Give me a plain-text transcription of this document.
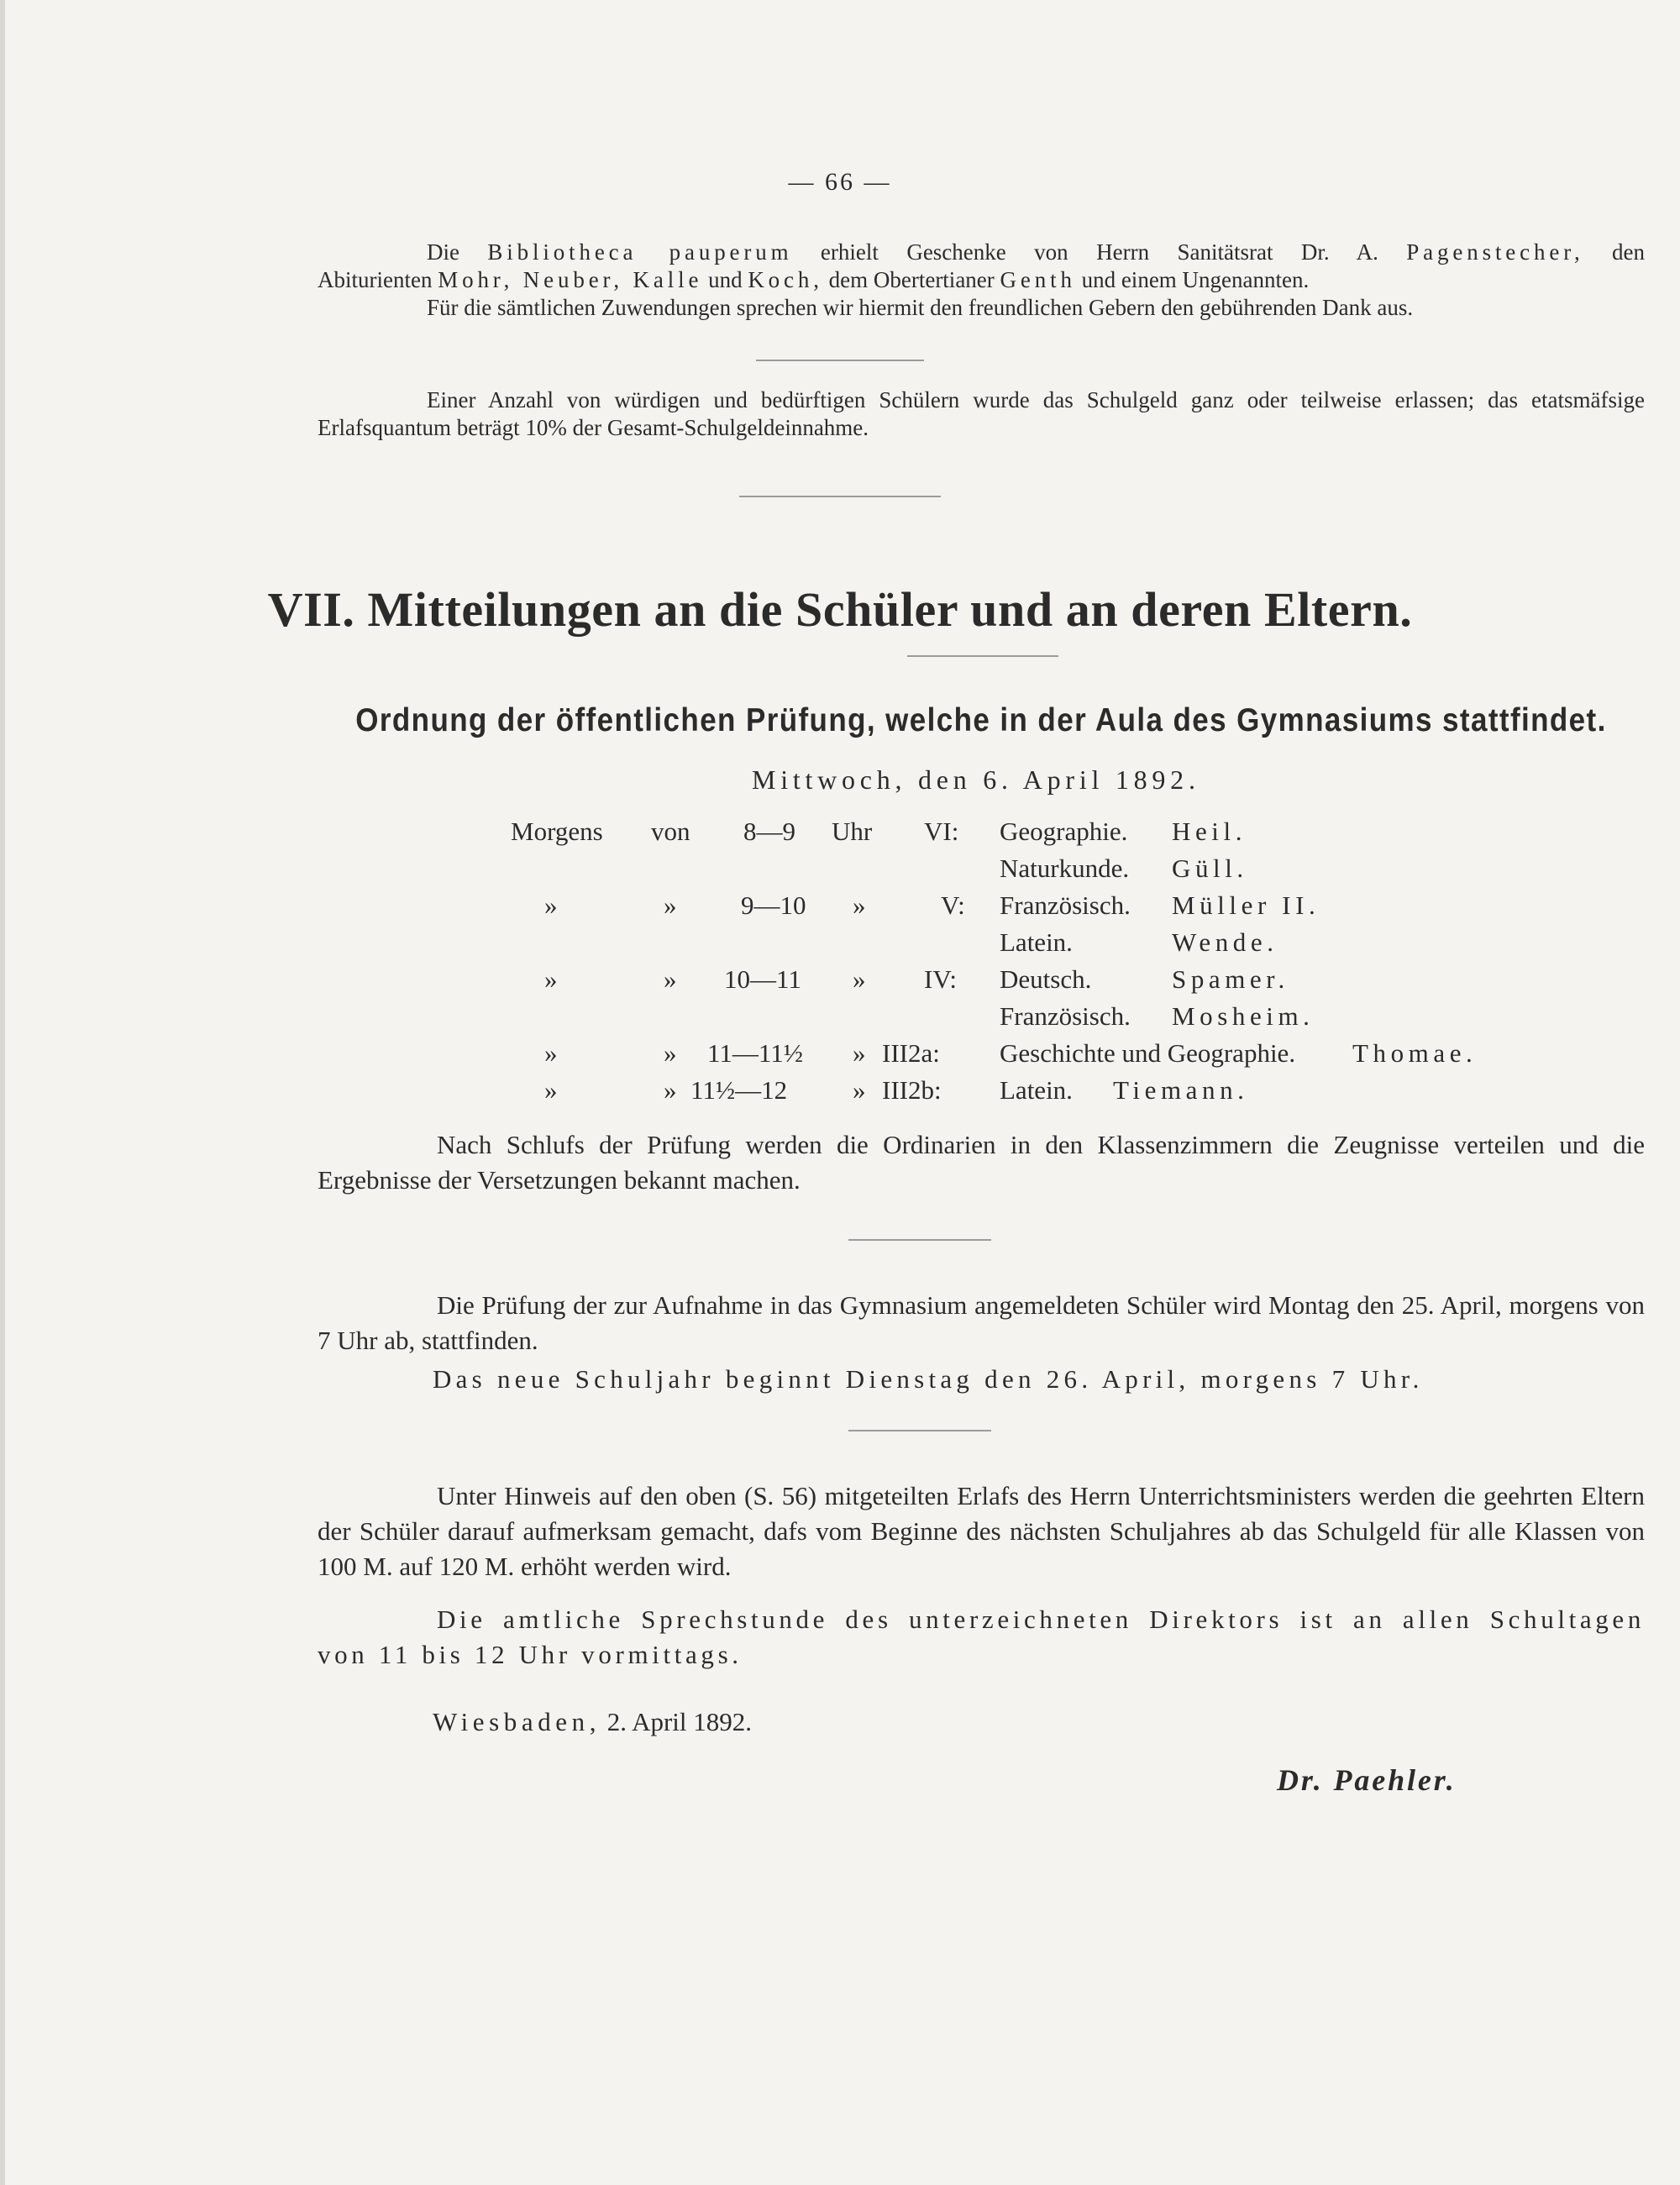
— 66 —
Die Bibliotheca pauperum erhielt Geschenke von Herrn Sanitätsrat Dr. A. Pagenstecher, den
Abiturienten Mohr, Neuber, Kalle und Koch, dem Obertertianer Genth und einem Ungenannten.
Für die sämtlichen Zuwendungen sprechen wir hiermit den freundlichen Gebern den gebührenden Dank aus.
Einer Anzahl von würdigen und bedürftigen Schülern wurde das Schulgeld ganz oder teilweise erlassen; das etatsmäfsige Erlafsquantum beträgt 10% der Gesamt-Schulgeldeinnahme.
VII. Mitteilungen an die Schüler und an deren Eltern.
Ordnung der öffentlichen Prüfung, welche in der Aula des Gymnasiums stattfindet.
Mittwoch, den 6. April 1892.
Morgens von 8—9 Uhr VI: Geographie. Heil.
Naturkunde. Güll.
»	» 9—10 »	V: Französisch. Müller II.
Latein.	Wende.
»	» 10—11 » IV: Deutsch.	Spamer.
Französisch. Mosheim.
»	» 11—11½ » III2a: Geschichte und Geographie. Thomae.
»	» 11½—12	» III2b: Latein. Tiemann.
Nach Schlufs der Prüfung werden die Ordinarien in den Klassenzimmern die Zeugnisse verteilen und die Ergebnisse der Versetzungen bekannt machen.
Die Prüfung der zur Aufnahme in das Gymnasium angemeldeten Schüler wird Montag den 25. April, morgens von 7 Uhr ab, stattfinden.
Das neue Schuljahr beginnt Dienstag den 26. April, morgens 7 Uhr.
Unter Hinweis auf den oben (S. 56) mitgeteilten Erlafs des Herrn Unterrichtsministers werden die geehrten Eltern der Schüler darauf aufmerksam gemacht, dafs vom Beginne des nächsten Schuljahres ab das Schulgeld für alle Klassen von 100 M. auf 120 M. erhöht werden wird.
Die amtliche Sprechstunde des unterzeichneten Direktors ist an allen Schultagen von 11 bis 12 Uhr vormittags.
Wiesbaden, 2. April 1892.
Dr. Paehler.
